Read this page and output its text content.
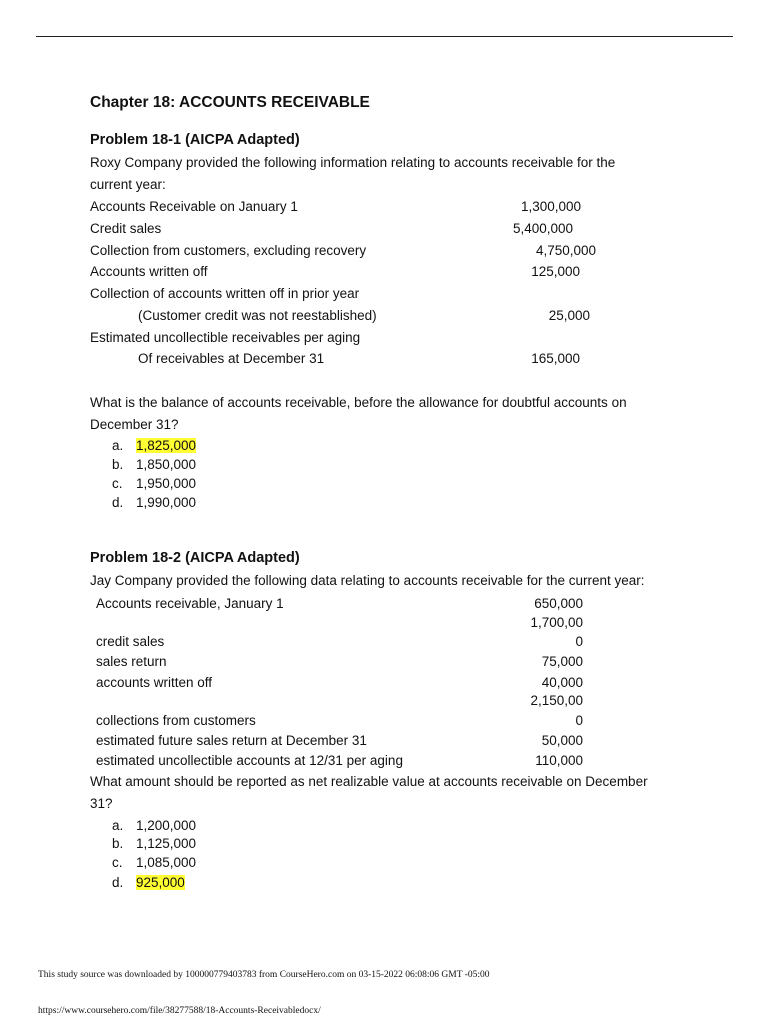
Chapter 18: ACCOUNTS RECEIVABLE
Problem 18-1 (AICPA Adapted)
Roxy Company provided the following information relating to accounts receivable for the
current year:
Accounts Receivable on January 1	1,300,000
Credit sales	5,400,000
Collection from customers, excluding recovery	4,750,000
Accounts written off	125,000
Collection of accounts written off in prior year
(Customer credit was not reestablished)	25,000
Estimated uncollectible receivables per aging
Of receivables at December 31	165,000
What is the balance of accounts receivable, before the allowance for doubtful accounts on
December 31?
a. 1,825,000
b. 1,850,000
c. 1,950,000
d. 1,990,000
Problem 18-2 (AICPA Adapted)
Jay Company provided the following data relating to accounts receivable for the current year:
Accounts receivable, January 1	650,000
1,700,00
credit sales	0
sales return	75,000
accounts written off	40,000
2,150,00
collections from customers	0
estimated future sales return at December 31	50,000
estimated uncollectible accounts at 12/31 per aging	110,000
What amount should be reported as net realizable value at accounts receivable on December
31?
a. 1,200,000
b. 1,125,000
c. 1,085,000
d. 925,000
This study source was downloaded by 100000779403783 from CourseHero.com on 03-15-2022 06:08:06 GMT -05:00
https://www.coursehero.com/file/38277588/18-Accounts-Receivabledocx/
